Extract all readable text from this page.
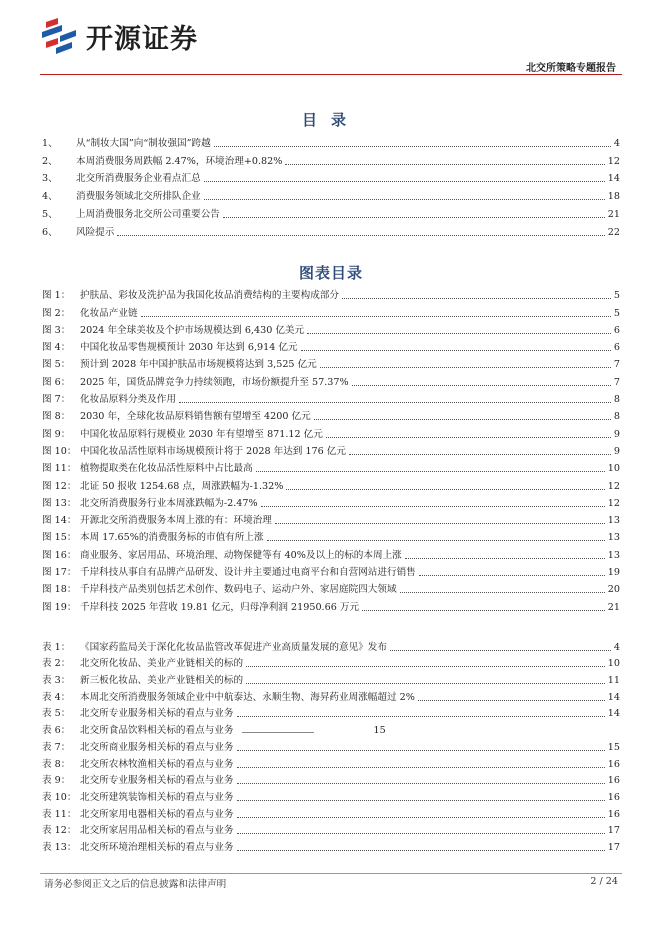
开源证券
北交所策略专题报告
目录
1、	从“制妆大国”向“制妆强国”跨越	4
2、	本周消费服务周跌幅 2.47%，环境治理+0.82%	12
3、	北交所消费服务企业看点汇总	14
4、	消费服务领域北交所排队企业	18
5、	上周消费服务北交所公司重要公告	21
6、	风险提示	22
图表目录
图 1：	护肤品、彩妆及洗护品为我国化妆品消费结构的主要构成部分	5
图 2：	化妆品产业链	5
图 3：	2024 年全球美妆及个护市场规模达到 6,430 亿美元	6
图 4：	中国化妆品零售规模预计 2030 年达到 6,914 亿元	6
图 5：	预计到 2028 年中国护肤品市场规模将达到 3,525 亿元	7
图 6：	2025 年，国货品牌竞争力持续领跑，市场份额提升至 57.37%	7
图 7：	化妆品原料分类及作用	8
图 8：	2030 年，全球化妆品原料销售额有望增至 4200 亿元	8
图 9：	中国化妆品原料行规模业 2030 年有望增至 871.12 亿元	9
图 10： 中国化妆品活性原料市场规模预计将于 2028 年达到 176 亿元	9
图 11： 植物提取类在化妆品活性原料中占比最高	10
图 12： 北证 50 报收 1254.68 点，周涨跌幅为-1.32%	12
图 13： 北交所消费服务行业本周涨跌幅为-2.47%	12
图 14： 开源北交所消费服务本周上涨的有：环境治理	13
图 15： 本周 17.65%的消费服务标的市值有所上涨	13
图 16： 商业服务、家居用品、环境治理、动物保健等有 40%及以上的标的本周上涨	13
图 17： 千岸科技从事自有品牌产品研发、设计并主要通过电商平台和自营网站进行销售	19
图 18： 千岸科技产品类别包括艺术创作、数码电子、运动户外、家居庭院四大领域	20
图 19： 千岸科技 2025 年营收 19.81 亿元，归母净利润 21950.66 万元	21
表 1：	《国家药监局关于深化化妆品监管改革促进产业高质量发展的意见》发布	4
表 2：	北交所化妆品、美业产业链相关的标的	10
表 3：	新三板化妆品、美业产业链相关的标的	11
表 4：	本周北交所消费服务领域企业中中航泰达、永顺生物、海昇药业周涨幅超过 2%	14
表 5：	北交所专业服务相关标的看点与业务	14
表 6：	北交所食品饮料相关标的看点与业务	15
表 7：	北交所商业服务相关标的看点与业务	15
表 8：	北交所农林牧渔相关标的看点与业务	16
表 9：	北交所专业服务相关标的看点与业务	16
表 10： 北交所建筑装饰相关标的看点与业务	16
表 11： 北交所家用电器相关标的看点与业务	16
表 12： 北交所家居用品相关标的看点与业务	17
表 13： 北交所环境治理相关标的看点与业务	17
请务必参阅正文之后的信息披露和法律声明	2 / 24
